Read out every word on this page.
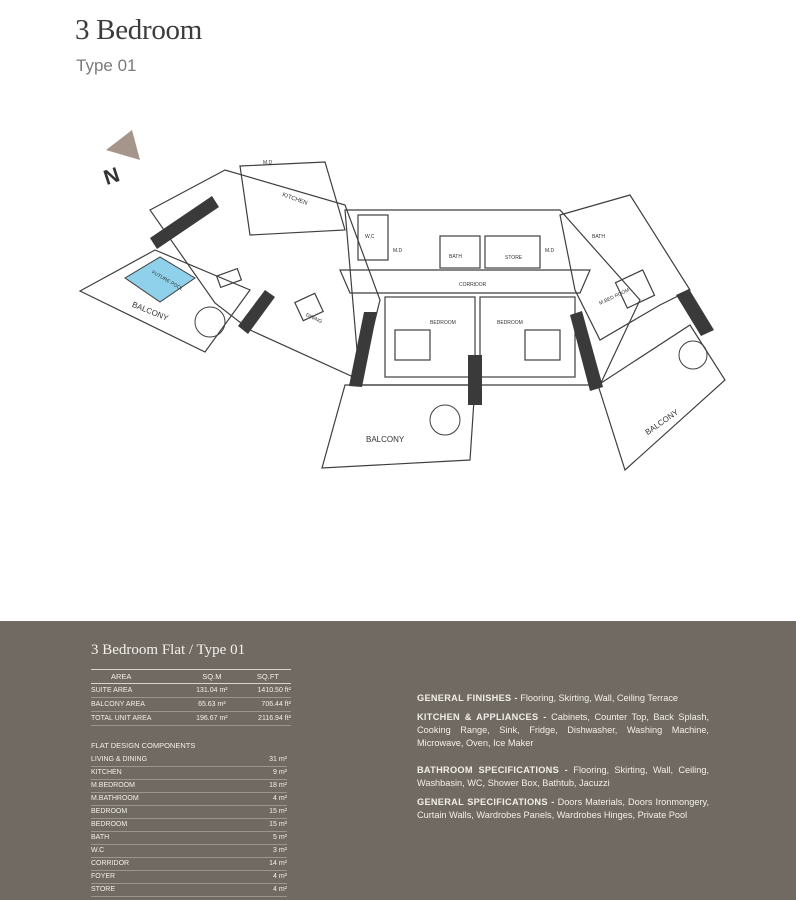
3 Bedroom
Type 01
N
KITCHEN
M.D
W.C
M.D
BATH	STORE
M.D
BATH
FUTURE POOL
BALCONY	DINING
CORRIDOR
BEDROOM	BEDROOM
M.BED ROOM
BALCONY
BALCONY
3 Bedroom Flat / Type 01
AREA	SQ.M	SQ.FT
SUITE AREA	131.04 m²	1410.50 ft²
BALCONY AREA	65.63 m²	706.44 ft²
TOTAL UNIT AREA	196.67 m²	2116.94 ft²
FLAT DESIGN COMPONENTS
LIVING & DINING	31 m²
KITCHEN	9 m²
M.BEDROOM	18 m²
M.BATHROOM	4 m²
BEDROOM	15 m²
BEDROOM	15 m²
BATH	5 m²
W.C	3 m²
CORRIDOR	14 m²
FOYER	4 m²
STORE	4 m²

GENERAL FINISHES - Flooring, Skirting, Wall, Ceiling Terrace

KITCHEN & APPLIANCES - Cabinets, Counter Top, Back Splash, Cooking Range, Sink, Fridge, Dishwasher, Washing Machine, Microwave, Oven, Ice Maker

BATHROOM SPECIFICATIONS - Flooring, Skirting, Wall, Ceiling, Washbasin, WC, Shower Box, Bathtub, Jacuzzi

GENERAL SPECIFICATIONS - Doors Materials, Doors Ironmongery, Curtain Walls, Wardrobes Panels, Wardrobes Hinges, Private Pool
